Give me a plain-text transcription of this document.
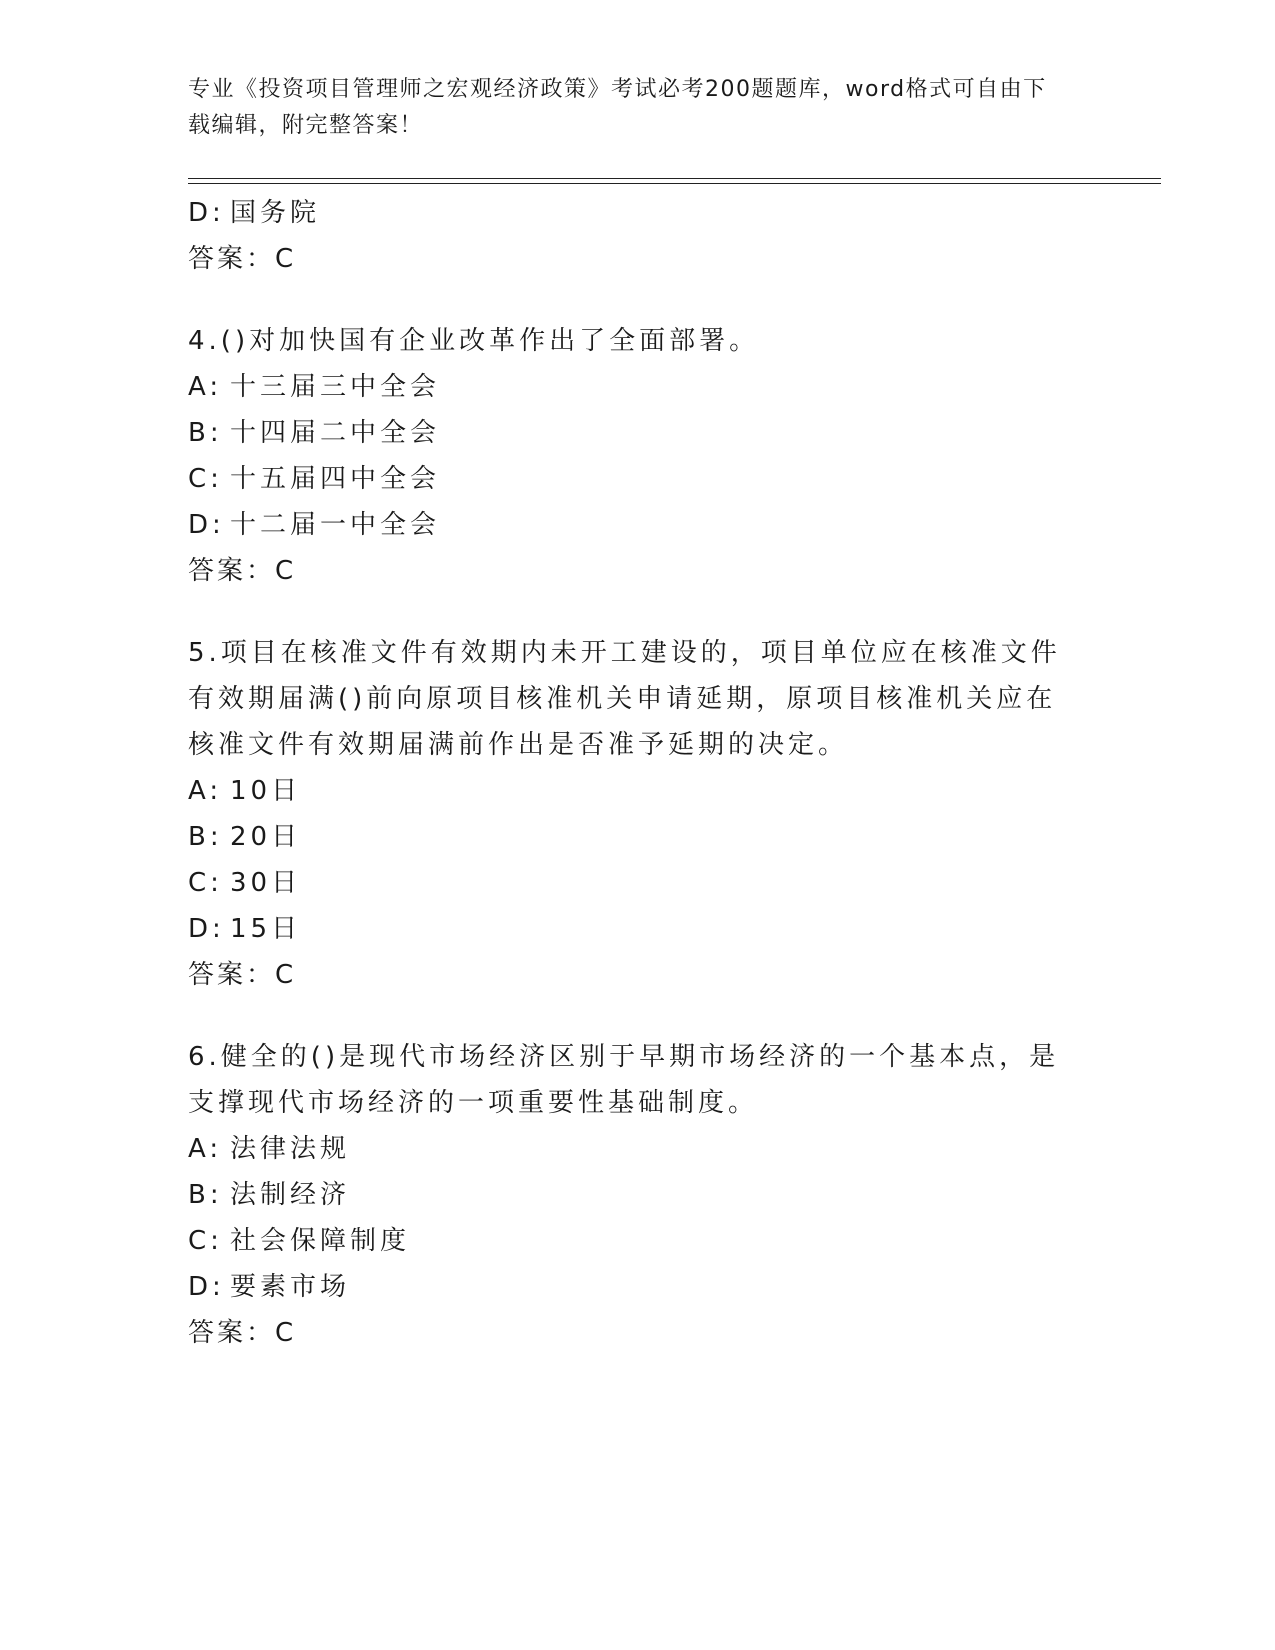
专业《投资项目管理师之宏观经济政策》考试必考200题题库，word格式可自由下载编辑，附完整答案！
D: 国务院
答案：C
4.()对加快国有企业改革作出了全面部署。
A: 十三届三中全会
B: 十四届二中全会
C: 十五届四中全会
D: 十二届一中全会
答案：C
5.项目在核准文件有效期内未开工建设的，项目单位应在核准文件有效期届满()前向原项目核准机关申请延期，原项目核准机关应在核准文件有效期届满前作出是否准予延期的决定。
A: 10日
B: 20日
C: 30日
D: 15日
答案：C
6.健全的()是现代市场经济区别于早期市场经济的一个基本点，是支撑现代市场经济的一项重要性基础制度。
A: 法律法规
B: 法制经济
C: 社会保障制度
D: 要素市场
答案：C
